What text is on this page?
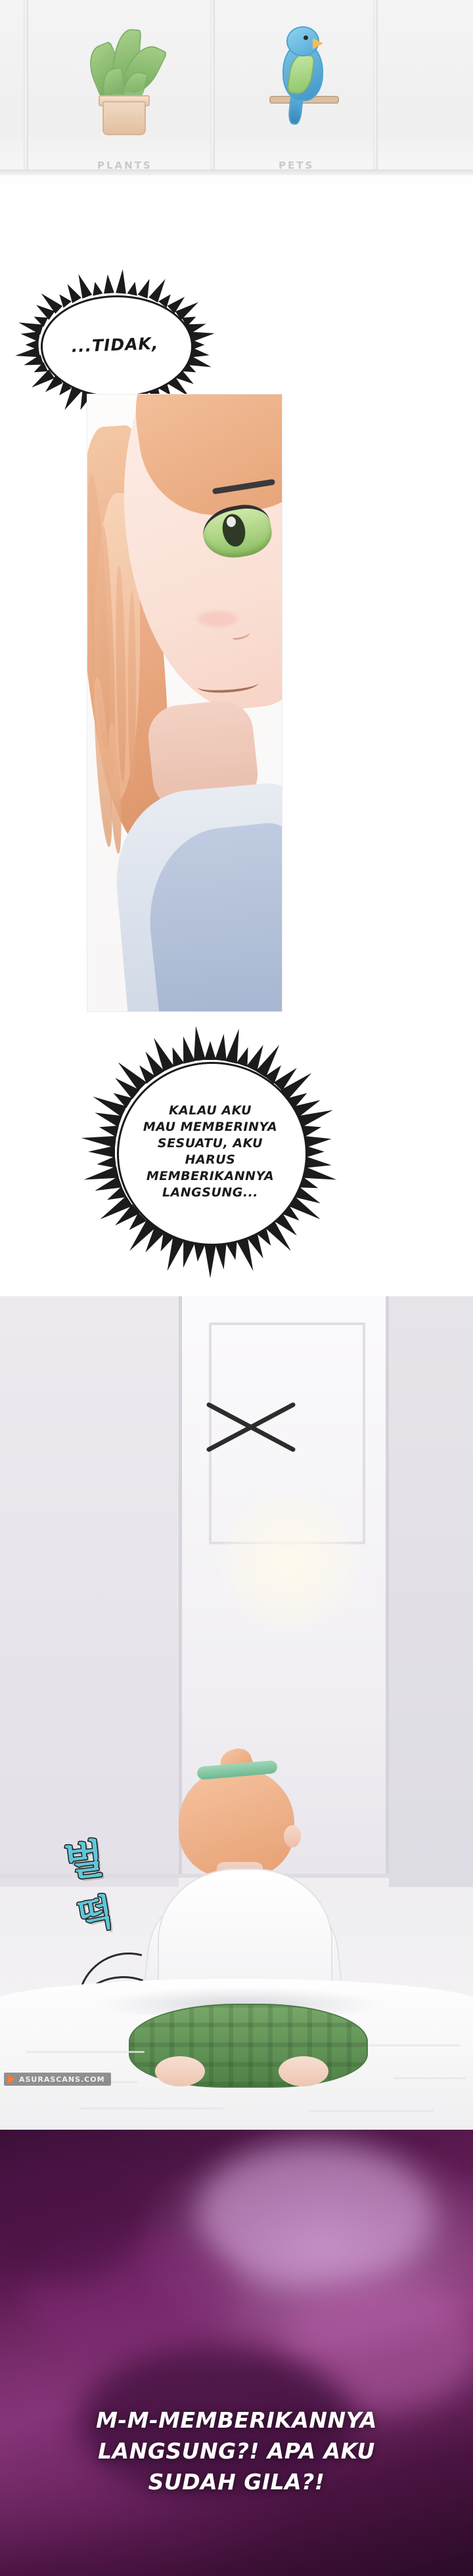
PLANTS	PETS
...TIDAK,
KALAU AKU
MAU MEMBERINYA
SESUATU, AKU HARUS
MEMBERIKANNYA
LANGSUNG...
벌
떡
ASURASCANS.COM
M-M-MEMBERIKANNYA
LANGSUNG?! APA AKU
SUDAH GILA?!
